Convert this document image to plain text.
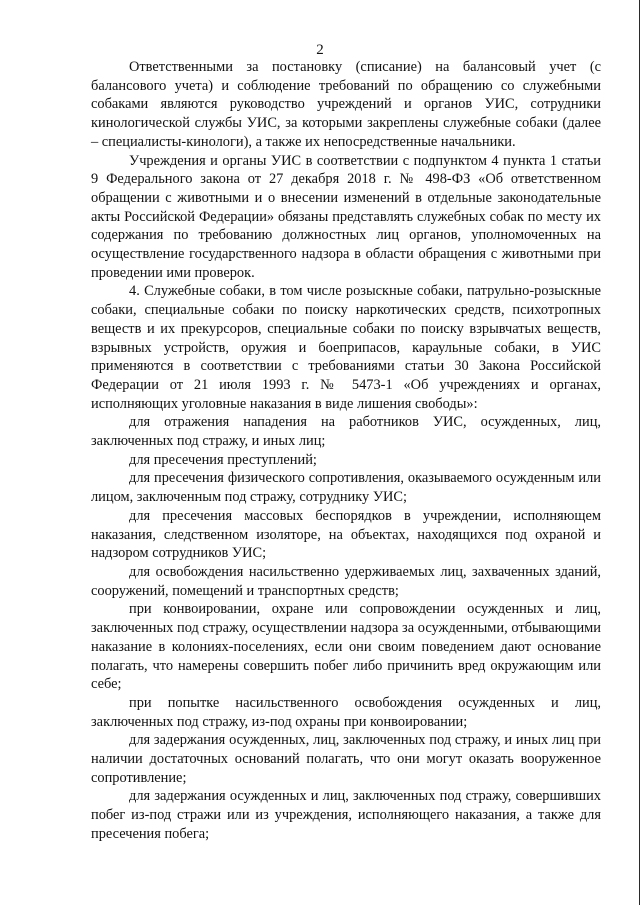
2

Ответственными за постановку (списание) на балансовый учет (с балансового учета) и соблюдение требований по обращению со служебными собаками являются руководство учреждений и органов УИС, сотрудники кинологической службы УИС, за которыми закреплены служебные собаки (далее – специалисты-кинологи), а также их непосредственные начальники.

Учреждения и органы УИС в соответствии с подпунктом 4 пункта 1 статьи 9 Федерального закона от 27 декабря 2018 г. № 498-ФЗ «Об ответственном обращении с животными и о внесении изменений в отдельные законодательные акты Российской Федерации» обязаны представлять служебных собак по месту их содержания по требованию должностных лиц органов, уполномоченных на осуществление государственного надзора в области обращения с животными при проведении ими проверок.

4. Служебные собаки, в том числе розыскные собаки, патрульно-розыскные собаки, специальные собаки по поиску наркотических средств, психотропных веществ и их прекурсоров, специальные собаки по поиску взрывчатых веществ, взрывных устройств, оружия и боеприпасов, караульные собаки, в УИС применяются в соответствии с требованиями статьи 30 Закона Российской Федерации от 21 июля 1993 г. № 5473-1 «Об учреждениях и органах, исполняющих уголовные наказания в виде лишения свободы»:

для отражения нападения на работников УИС, осужденных, лиц, заключенных под стражу, и иных лиц;

для пресечения преступлений;

для пресечения физического сопротивления, оказываемого осужденным или лицом, заключенным под стражу, сотруднику УИС;

для пресечения массовых беспорядков в учреждении, исполняющем наказания, следственном изоляторе, на объектах, находящихся под охраной и надзором сотрудников УИС;

для освобождения насильственно удерживаемых лиц, захваченных зданий, сооружений, помещений и транспортных средств;

при конвоировании, охране или сопровождении осужденных и лиц, заключенных под стражу, осуществлении надзора за осужденными, отбывающими наказание в колониях-поселениях, если они своим поведением дают основание полагать, что намерены совершить побег либо причинить вред окружающим или себе;

при попытке насильственного освобождения осужденных и лиц, заключенных под стражу, из-под охраны при конвоировании;

для задержания осужденных, лиц, заключенных под стражу, и иных лиц при наличии достаточных оснований полагать, что они могут оказать вооруженное сопротивление;

для задержания осужденных и лиц, заключенных под стражу, совершивших побег из-под стражи или из учреждения, исполняющего наказания, а также для пресечения побега;
